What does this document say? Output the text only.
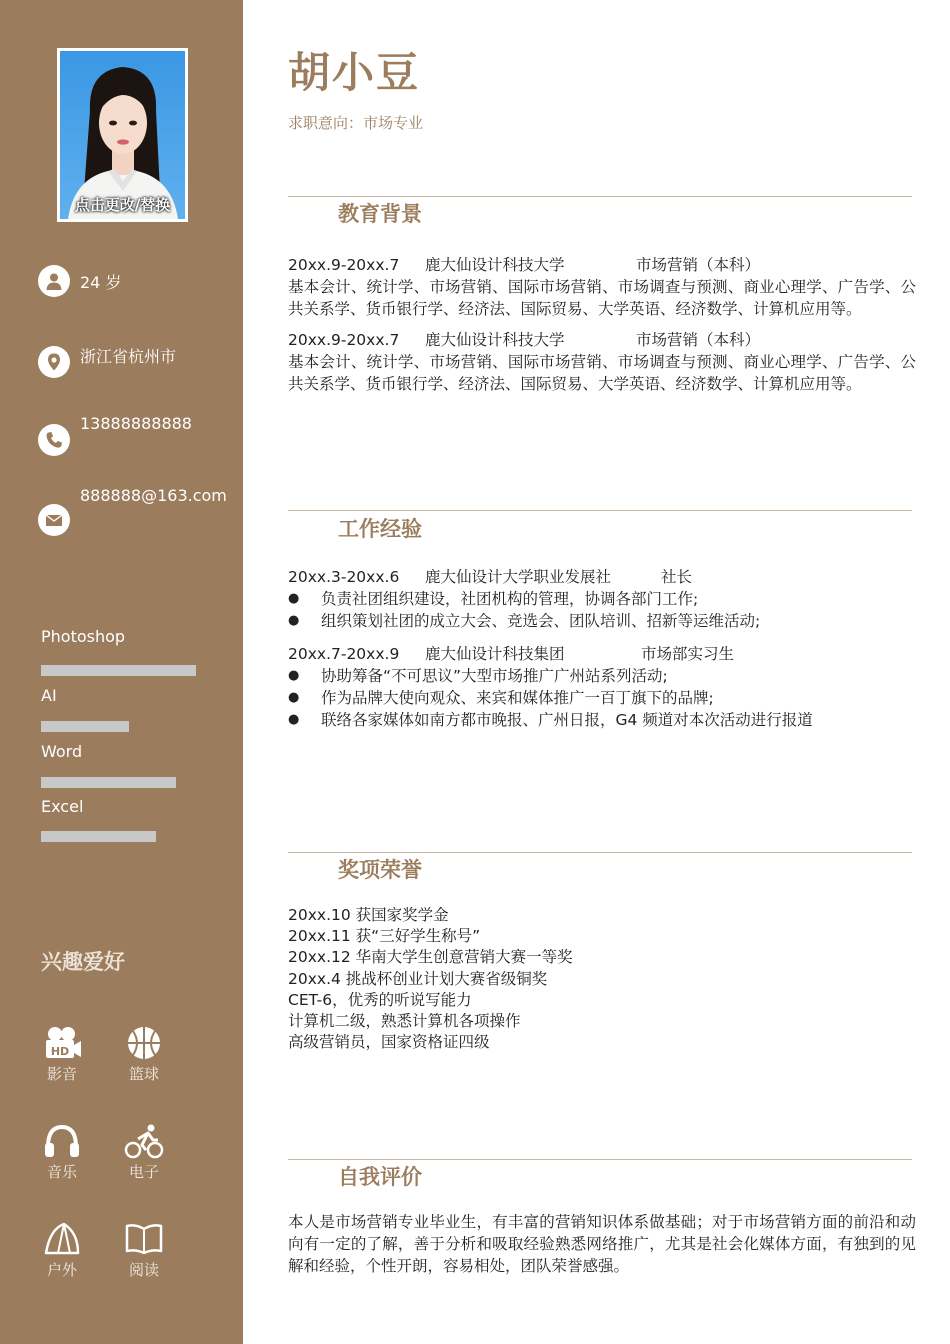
点击更改/替换
24 岁
浙江省杭州市
13888888888
888888@163.com
Photoshop
AI
Word
Excel
兴趣爱好
HD
影音	篮球
音乐	电子
户外	阅读
胡小豆
求职意向：市场专业
教育背景
20xx.9-20xx.7 鹿大仙设计科技大学	市场营销（本科）
基本会计、统计学、市场营销、国际市场营销、市场调查与预测、商业心理学、广告学、公共关系学、货币银行学、经济法、国际贸易、大学英语、经济数学、计算机应用等。
20xx.9-20xx.7 鹿大仙设计科技大学	市场营销（本科）
基本会计、统计学、市场营销、国际市场营销、市场调查与预测、商业心理学、广告学、公共关系学、货币银行学、经济法、国际贸易、大学英语、经济数学、计算机应用等。
工作经验
20xx.3-20xx.6 鹿大仙设计大学职业发展社	社长
● 负责社团组织建设，社团机构的管理，协调各部门工作;
● 组织策划社团的成立大会、竞选会、团队培训、招新等运维活动;
20xx.7-20xx.9 鹿大仙设计科技集团	市场部实习生
● 协助筹备“不可思议”大型市场推广广州站系列活动;
● 作为品牌大使向观众、来宾和媒体推广一百丁旗下的品牌;
● 联络各家媒体如南方都市晚报、广州日报，G4 频道对本次活动进行报道
奖项荣誉
20xx.10 获国家奖学金
20xx.11 获“三好学生称号”
20xx.12 华南大学生创意营销大赛一等奖
20xx.4 挑战杯创业计划大赛省级铜奖
CET-6，优秀的听说写能力
计算机二级，熟悉计算机各项操作
高级营销员，国家资格证四级
自我评价
本人是市场营销专业毕业生，有丰富的营销知识体系做基础；对于市场营销方面的前沿和动向有一定的了解，善于分析和吸取经验熟悉网络推广，尤其是社会化媒体方面，有独到的见解和经验，个性开朗，容易相处，团队荣誉感强。
